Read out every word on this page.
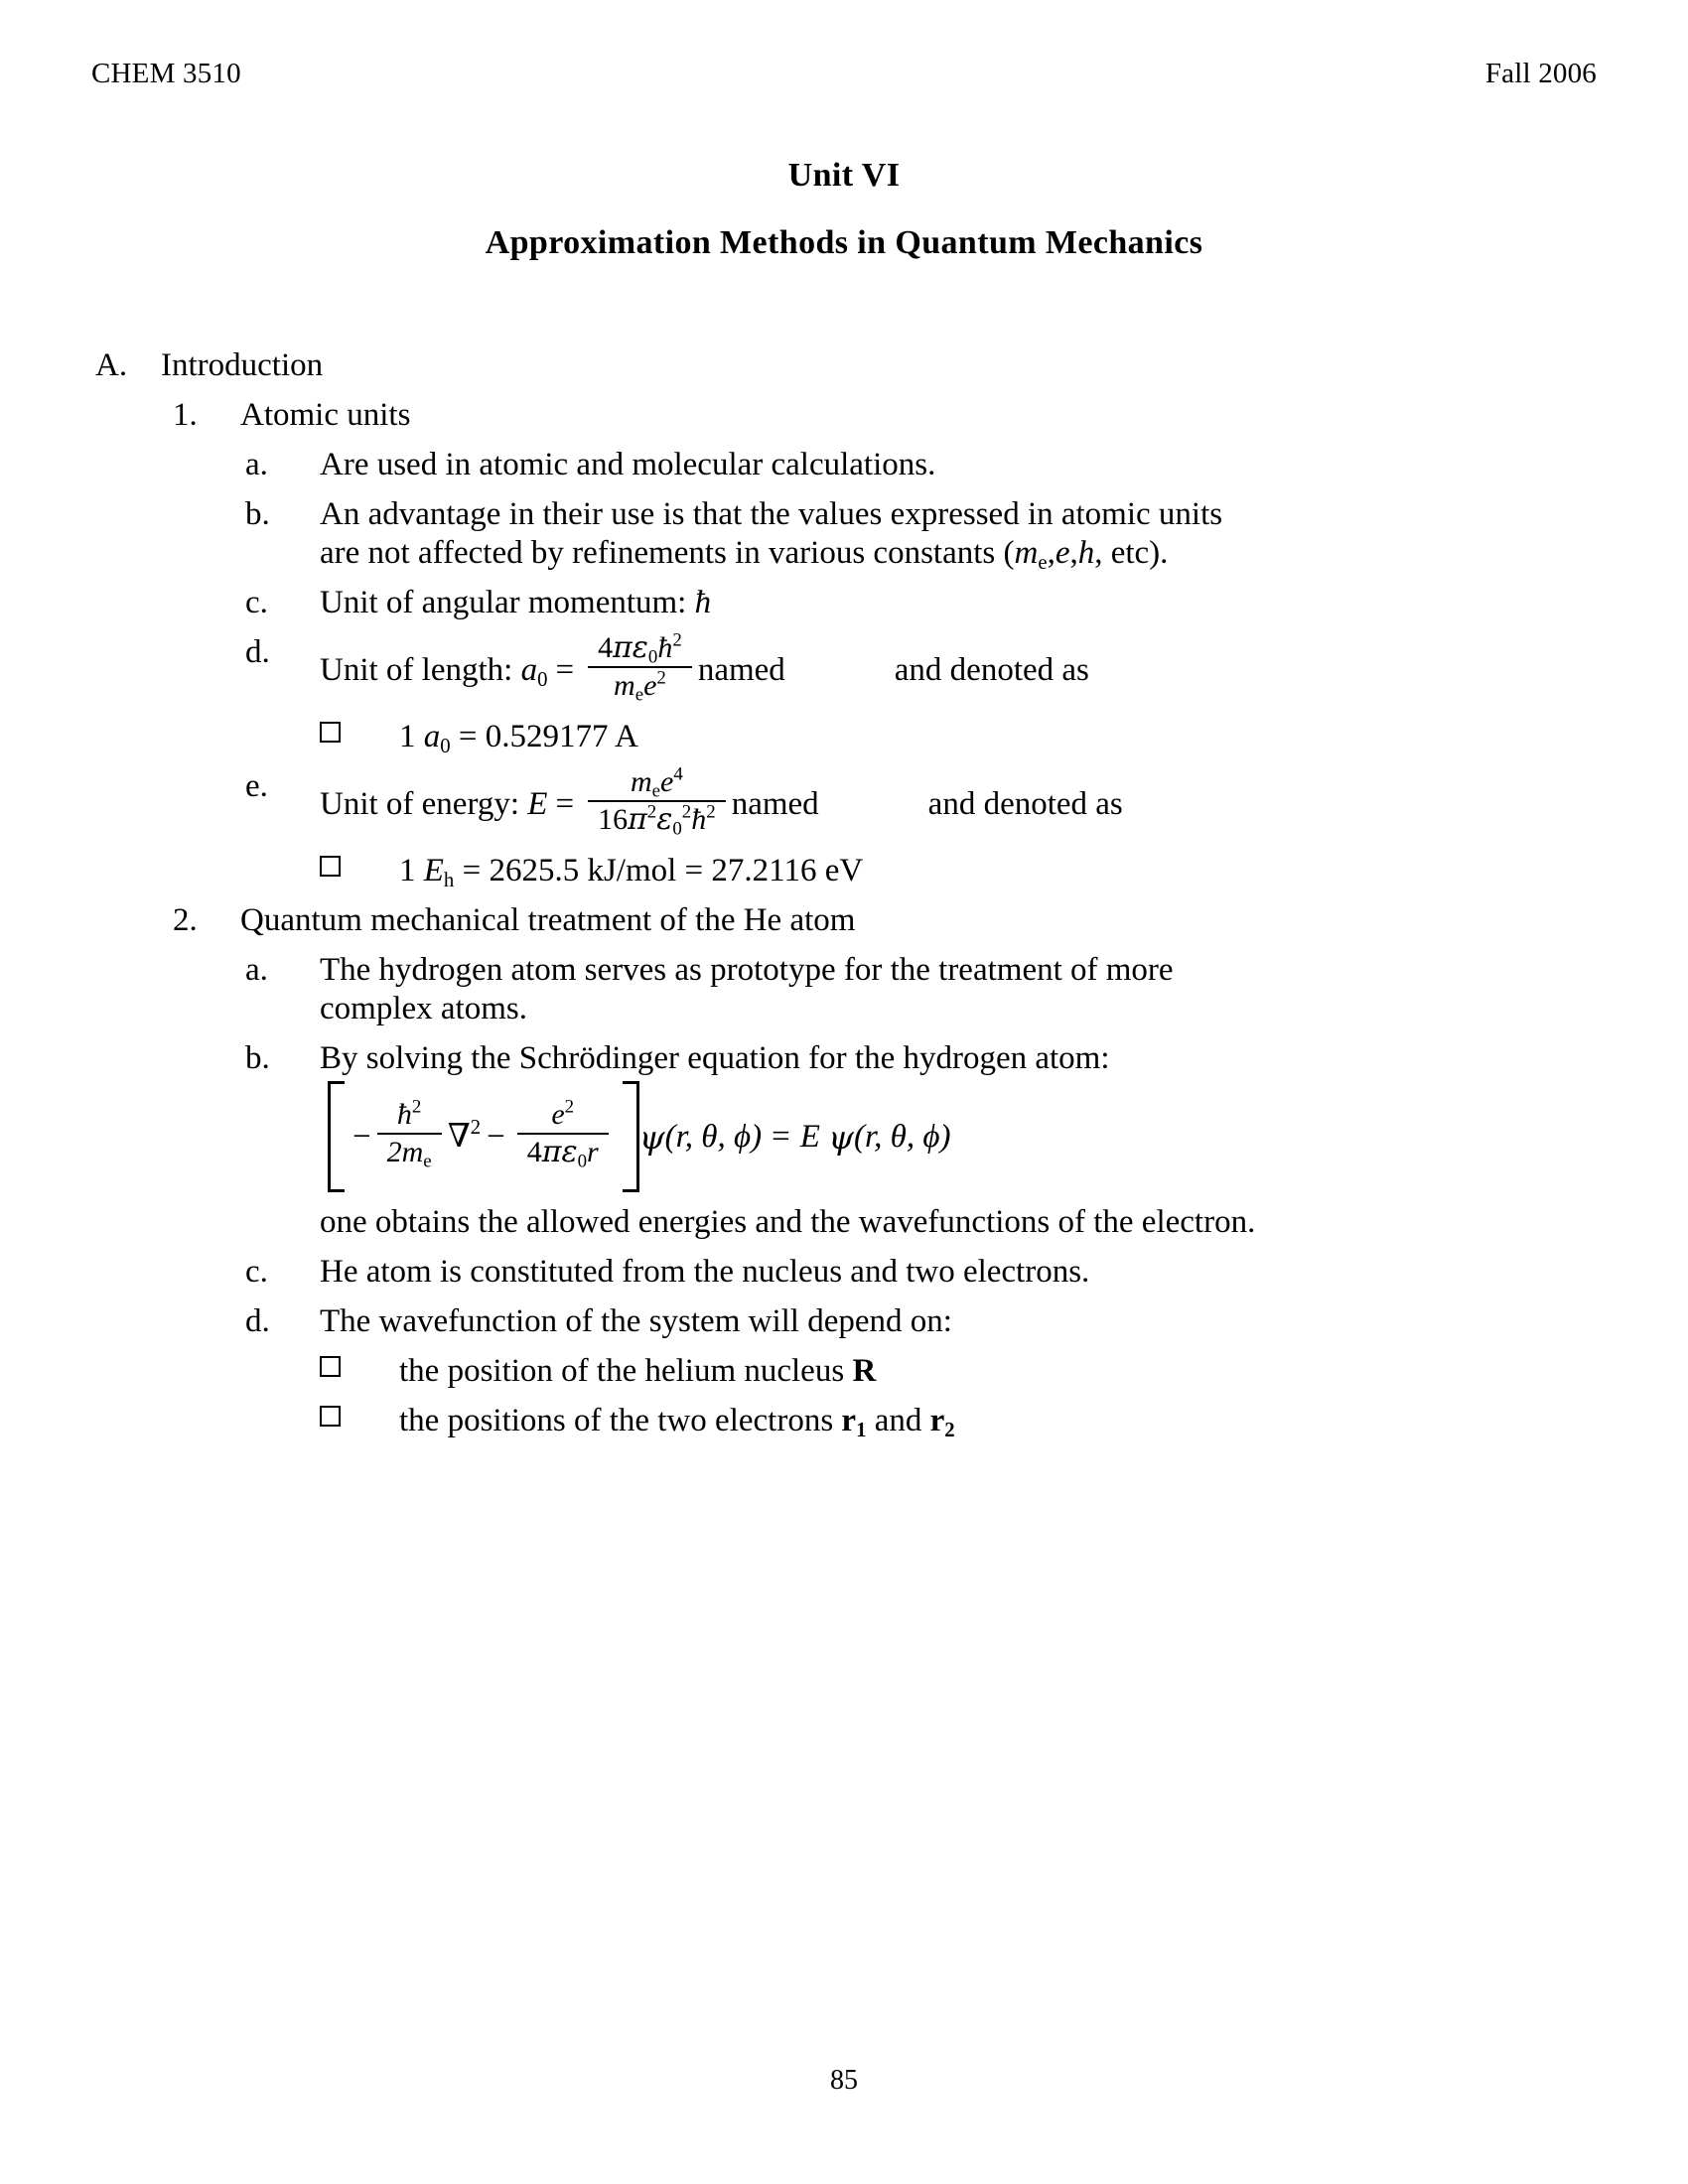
CHEM 3510	Fall 2006
Unit VI
Approximation Methods in Quantum Mechanics
A.	Introduction
1.	Atomic units
a.	Are used in atomic and molecular calculations.
b.	An advantage in their use is that the values expressed in atomic units
are not affected by refinements in various constants ( $m_e$ , e , h , etc).
c.	Unit of angular momentum: ħ
d.	Unit of length:
$a_0 = \frac{4\pi\varepsilon_0ħ^2}{m_ee^2}$ named	and denoted as
1 $a_0 = 0.529177$ A
e.	Unit of energy:
$E = \frac{m_ee^4}{16\pi^2\varepsilon_0^2ħ^2}$ named	and denoted as
1 $E_h = 2625.5$ kJ/mol = 27.2116 eV
2.	Quantum mechanical treatment of the He atom
a.	The hydrogen atom serves as prototype for the treatment of more
complex atoms.
b.	By solving the Schrödinger equation for the hydrogen atom:
− $\frac{ħ^2}{2m_e} \nabla^2 - \frac{e^2}{4\pi\varepsilon_0r}$ ψ (r, θ, ϕ) = E
ψ (r, θ, ϕ)
one obtains the allowed energies and the wavefunctions of the electron.
c.	He atom is constituted from the nucleus and two electrons.
d.	The wavefunction of the system will depend on:
the position of the helium nucleus R
the positions of the two electrons $r_1$ and $r_2$
85
